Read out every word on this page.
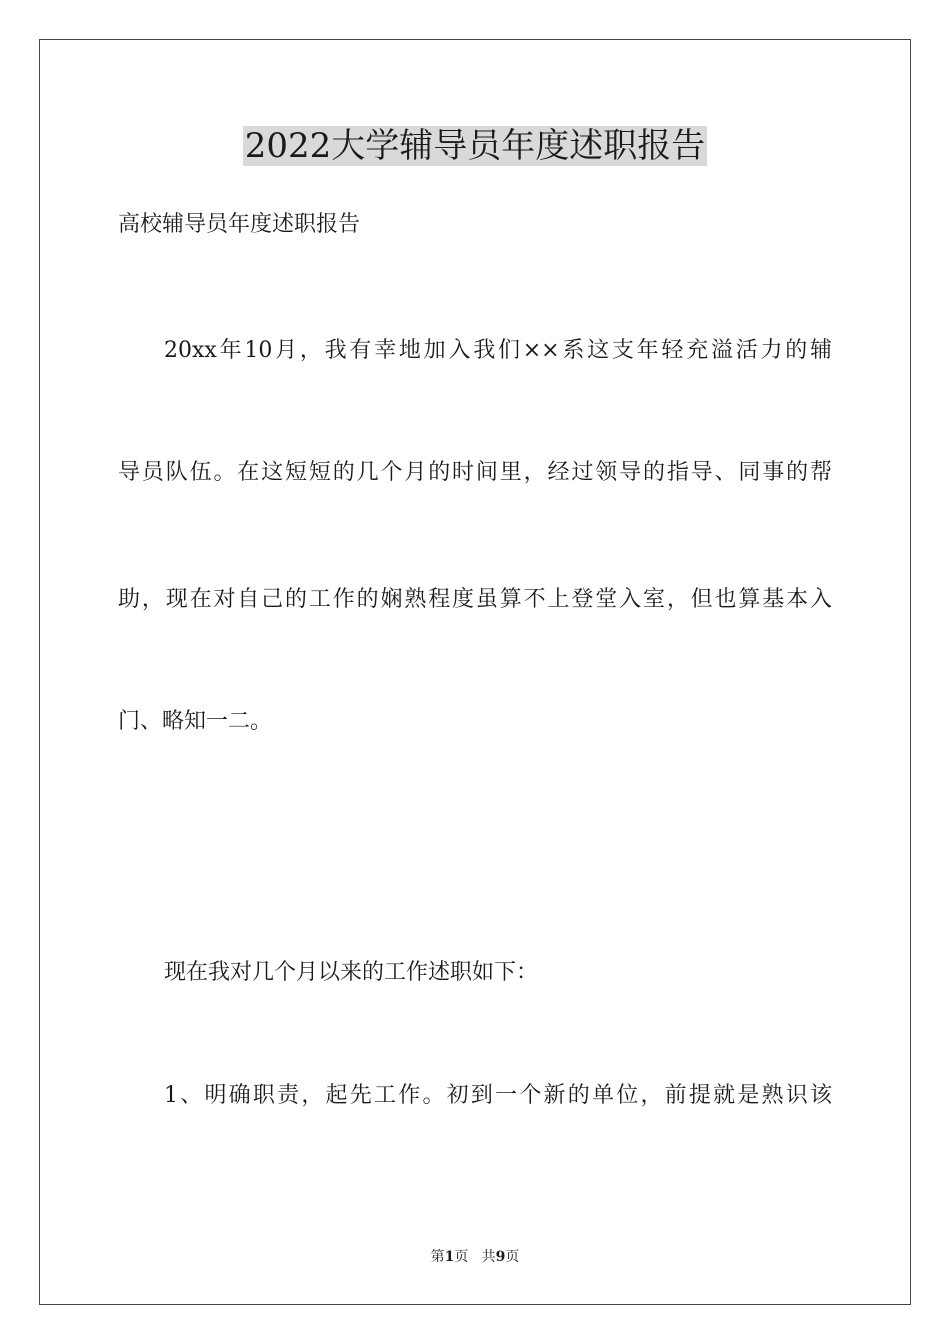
2022大学辅导员年度述职报告
高校辅导员年度述职报告
20xx年10月，我有幸地加入我们××系这支年轻充溢活力的辅
导员队伍。在这短短的几个月的时间里，经过领导的指导、同事的帮
助，现在对自己的工作的娴熟程度虽算不上登堂入室，但也算基本入
门、略知一二。
现在我对几个月以来的工作述职如下：
1、明确职责，起先工作。初到一个新的单位，前提就是熟识该
第1页 共9页
